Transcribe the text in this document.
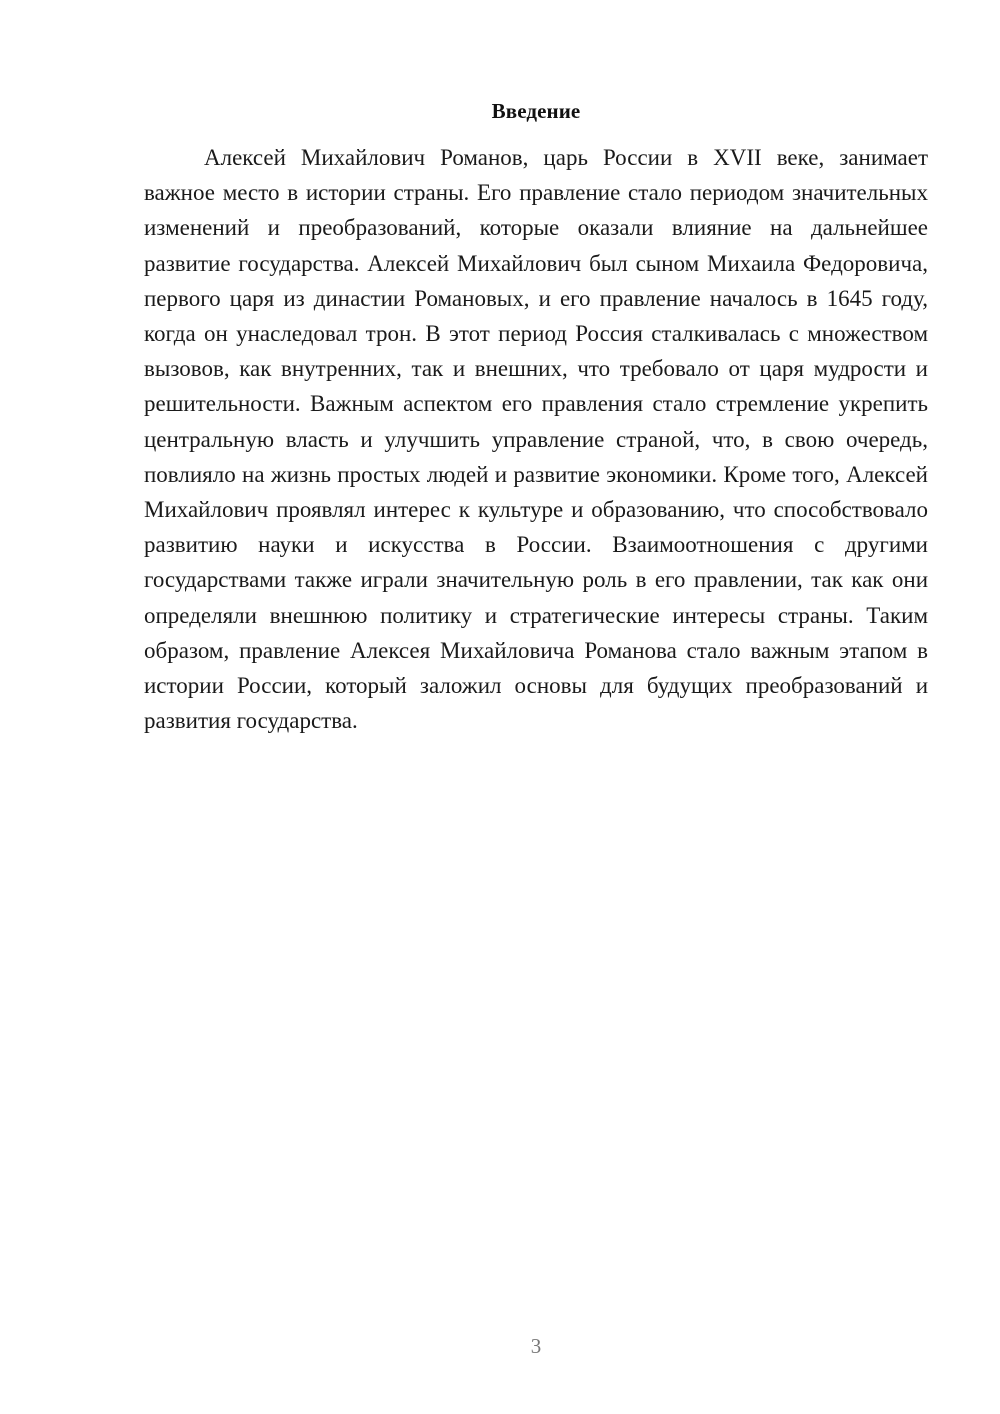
Введение

Алексей Михайлович Романов, царь России в XVII веке, занимает важное место в истории страны. Его правление стало периодом значительных изменений и преобразований, которые оказали влияние на дальнейшее развитие государства. Алексей Михайлович был сыном Михаила Федоровича, первого царя из династии Романовых, и его правление началось в 1645 году, когда он унаследовал трон. В этот период Россия сталкивалась с множеством вызовов, как внутренних, так и внешних, что требовало от царя мудрости и решительности. Важным аспектом его правления стало стремление укрепить центральную власть и улучшить управление страной, что, в свою очередь, повлияло на жизнь простых людей и развитие экономики. Кроме того, Алексей Михайлович проявлял интерес к культуре и образованию, что способствовало развитию науки и искусства в России. Взаимоотношения с другими государствами также играли значительную роль в его правлении, так как они определяли внешнюю политику и стратегические интересы страны. Таким образом, правление Алексея Михайловича Романова стало важным этапом в истории России, который заложил основы для будущих преобразований и развития государства.

3
